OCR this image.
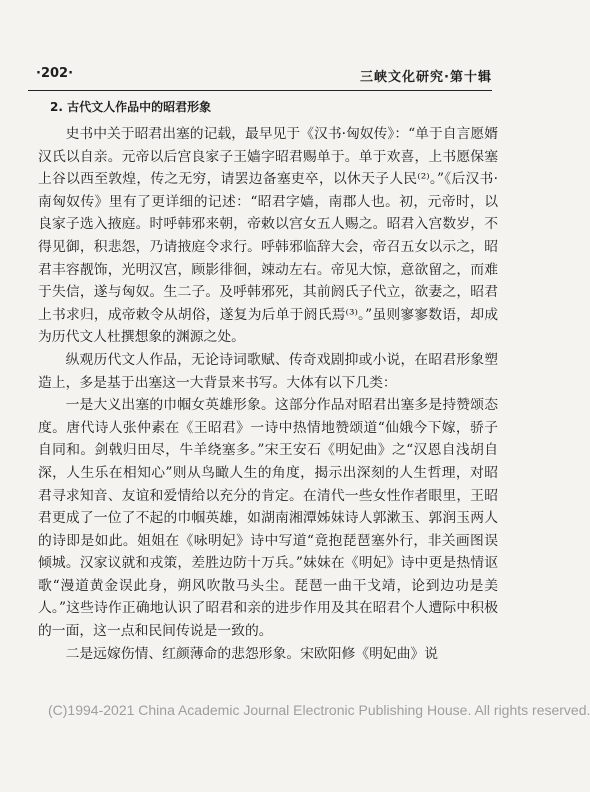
·202·	三峡文化研究·第十辑
2. 古代文人作品中的昭君形象

史书中关于昭君出塞的记载，最早见于《汉书·匈奴传》：“单于自言愿婿汉氏以自亲。元帝以后宫良家子王嫱字昭君赐单于。单于欢喜，上书愿保塞上谷以西至敦煌，传之无穷，请罢边备塞吏卒，以休天子人民⁽²⁾。”《后汉书·南匈奴传》里有了更详细的记述：“昭君字嫱，南郡人也。初，元帝时，以良家子选入掖庭。时呼韩邪来朝，帝敕以宫女五人赐之。昭君入宫数岁，不得见御，积悲怨，乃请掖庭令求行。呼韩邪临辞大会，帝召五女以示之，昭君丰容靓饰，光明汉宫，顾影徘徊，竦动左右。帝见大惊，意欲留之，而难于失信，遂与匈奴。生二子。及呼韩邪死，其前阏氏子代立，欲妻之，昭君上书求归，成帝敕令从胡俗，遂复为后单于阏氏焉⁽³⁾。”虽则寥寥数语，却成为历代文人杜撰想象的渊源之处。

纵观历代文人作品，无论诗词歌赋、传奇戏剧抑或小说，在昭君形象塑造上，多是基于出塞这一大背景来书写。大体有以下几类：

一是大义出塞的巾帼女英雄形象。这部分作品对昭君出塞多是持赞颂态度。唐代诗人张仲素在《王昭君》一诗中热情地赞颂道“仙娥今下嫁，骄子自同和。剑戟归田尽，牛羊绕塞多。”宋王安石《明妃曲》之“汉恩自浅胡自深，人生乐在相知心”则从鸟瞰人生的角度，揭示出深刻的人生哲理，对昭君寻求知音、友谊和爱情给以充分的肯定。在清代一些女性作者眼里，王昭君更成了一位了不起的巾帼英雄，如湖南湘潭姊妹诗人郭漱玉、郭润玉两人的诗即是如此。姐姐在《咏明妃》诗中写道“竟抱琵琶塞外行，非关画图误倾城。汉家议就和戎策，差胜边防十万兵。”妹妹在《明妃》诗中更是热情讴歌“漫道黄金误此身，朔风吹散马头尘。琵琶一曲干戈靖，论到边功是美人。”这些诗作正确地认识了昭君和亲的进步作用及其在昭君个人遭际中积极的一面，这一点和民间传说是一致的。

二是远嫁伤情、红颜薄命的悲怨形象。宋欧阳修《明妃曲》说

(C)1994-2021 China Academic Journal Electronic Publishing House. All rights reserved.
